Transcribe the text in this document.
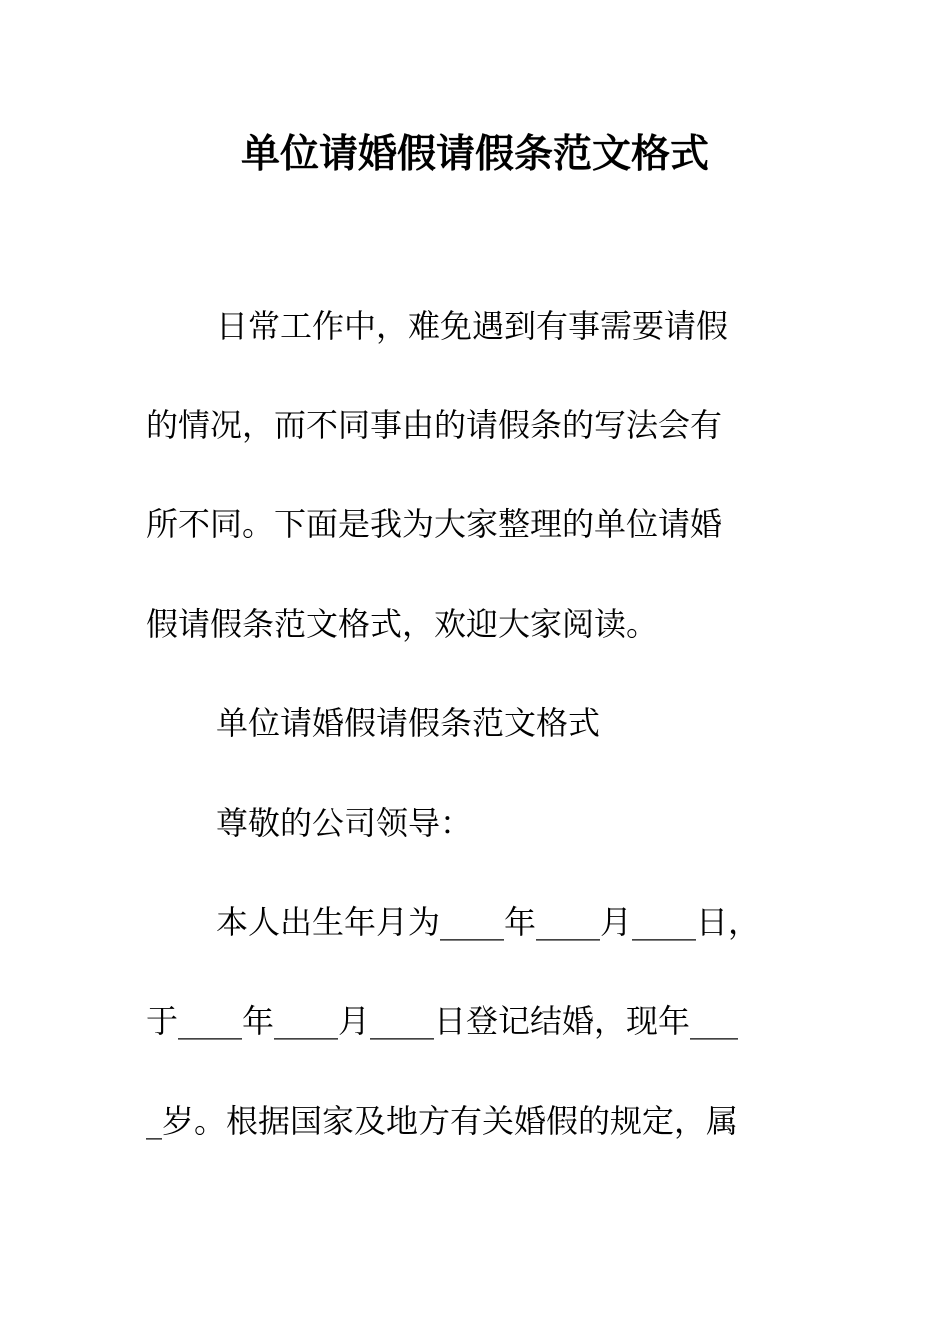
单位请婚假请假条范文格式
日常工作中，难免遇到有事需要请假
的情况，而不同事由的请假条的写法会有
所不同。下面是我为大家整理的单位请婚
假请假条范文格式，欢迎大家阅读。
单位请婚假请假条范文格式
尊敬的公司领导：
本人出生年月为____年____月____日，
于____年____月____日登记结婚，现年___
_岁。根据国家及地方有关婚假的规定，属
